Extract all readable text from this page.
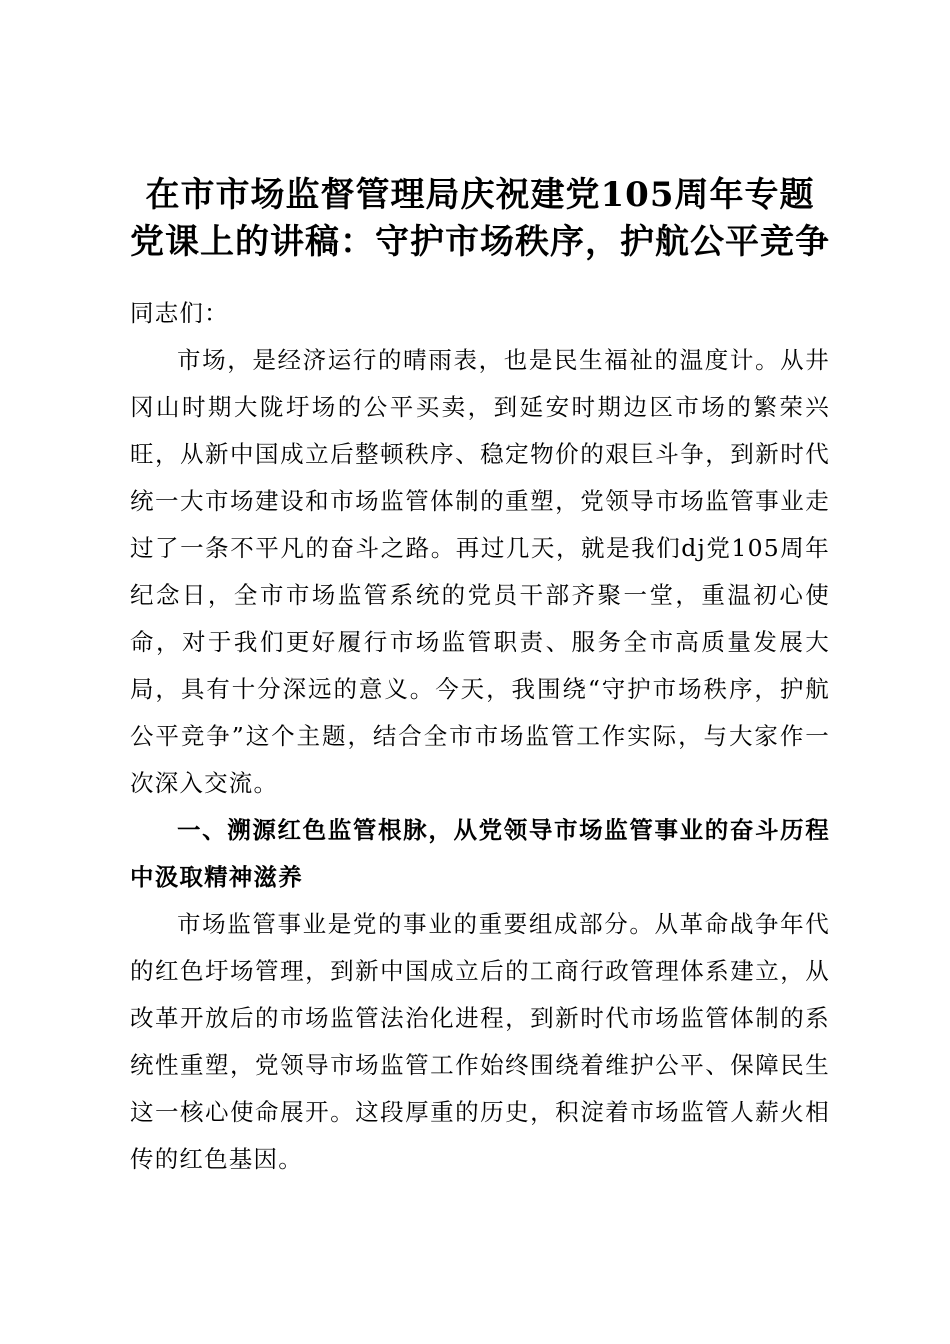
在市市场监督管理局庆祝建党105周年专题党课上的讲稿：守护市场秩序，护航公平竞争

同志们：

市场，是经济运行的晴雨表，也是民生福祉的温度计。从井冈山时期大陇圩场的公平买卖，到延安时期边区市场的繁荣兴旺，从新中国成立后整顿秩序、稳定物价的艰巨斗争，到新时代统一大市场建设和市场监管体制的重塑，党领导市场监管事业走过了一条不平凡的奋斗之路。再过几天，就是我们dj党105周年纪念日，全市市场监管系统的党员干部齐聚一堂，重温初心使命，对于我们更好履行市场监管职责、服务全市高质量发展大局，具有十分深远的意义。今天，我围绕“守护市场秩序，护航公平竞争”这个主题，结合全市市场监管工作实际，与大家作一次深入交流。

一、溯源红色监管根脉，从党领导市场监管事业的奋斗历程中汲取精神滋养

市场监管事业是党的事业的重要组成部分。从革命战争年代的红色圩场管理，到新中国成立后的工商行政管理体系建立，从改革开放后的市场监管法治化进程，到新时代市场监管体制的系统性重塑，党领导市场监管工作始终围绕着维护公平、保障民生这一核心使命展开。这段厚重的历史，积淀着市场监管人薪火相传的红色基因。
